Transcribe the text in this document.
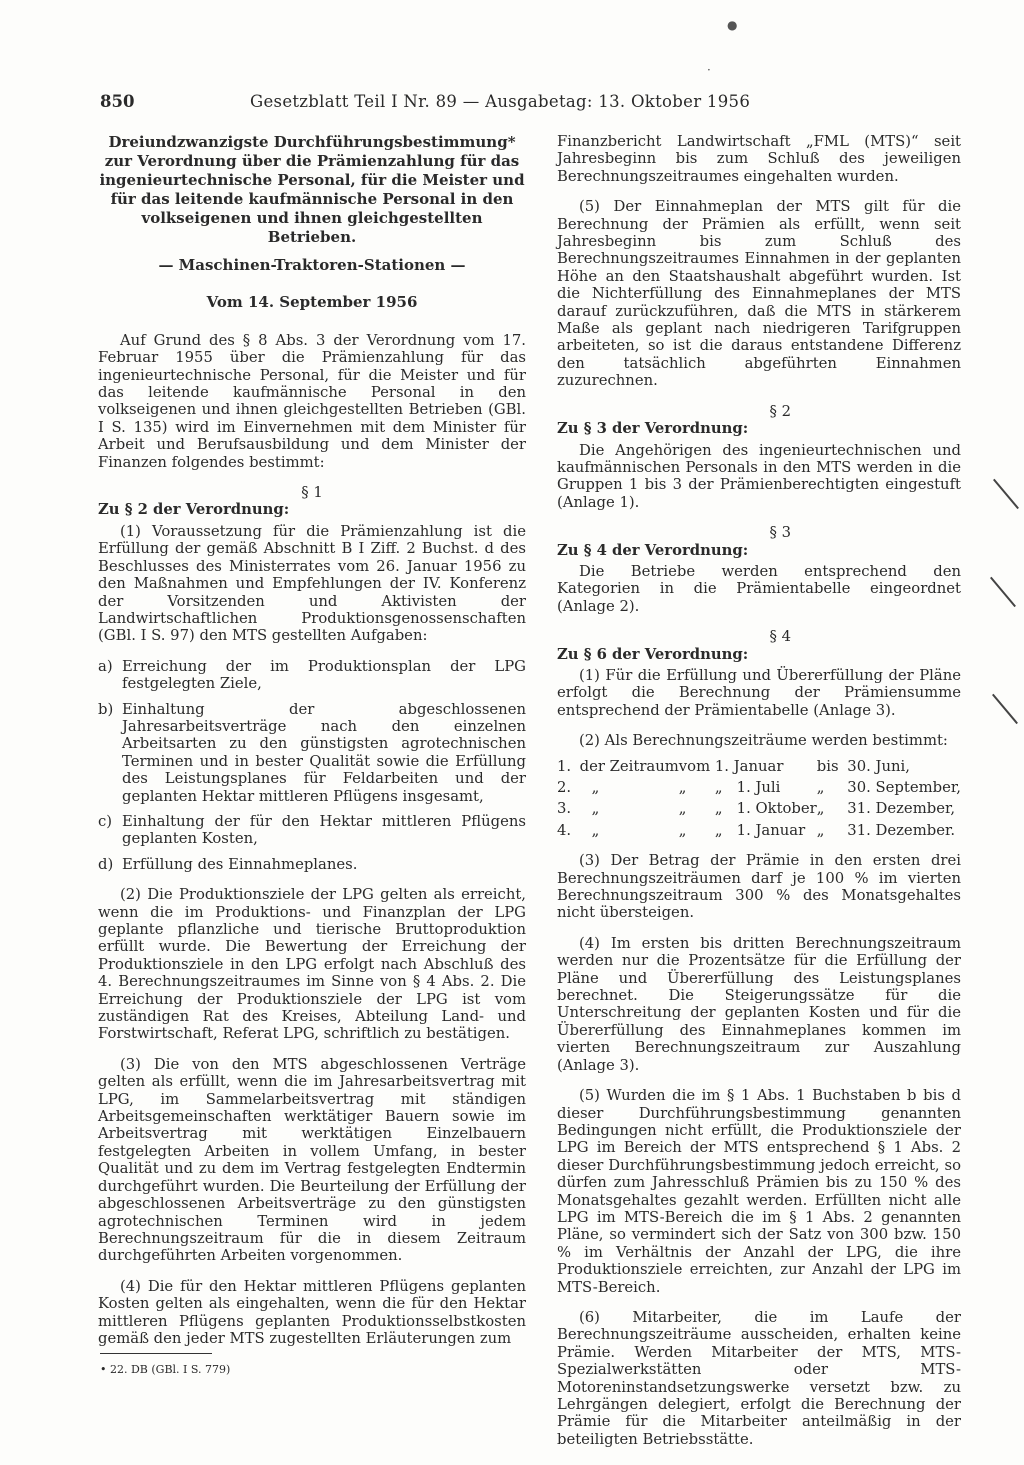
●
·
850	Gesetzblatt Teil I Nr. 89 — Ausgabetag: 13. Oktober 1956
Dreiundzwanzigste Durchführungsbestimmung* zur Verordnung über die Prämienzahlung für das ingenieurtechnische Personal, für die Meister und für das leitende kaufmännische Personal in den volkseigenen und ihnen gleichgestellten Betrieben.
— Maschinen-Traktoren-Stationen —
Vom 14. September 1956

Auf Grund des § 8 Abs. 3 der Verordnung vom 17. Februar 1955 über die Prämienzahlung für das ingenieurtechnische Personal, für die Meister und für das leitende kaufmännische Personal in den volkseigenen und ihnen gleichgestellten Betrieben (GBl. I S. 135) wird im Einvernehmen mit dem Minister für Arbeit und Berufsausbildung und dem Minister der Finanzen folgendes bestimmt:

§ 1
Zu § 2 der Verordnung:

(1) Voraussetzung für die Prämienzahlung ist die Erfüllung der gemäß Abschnitt B I Ziff. 2 Buchst. d des Beschlusses des Ministerrates vom 26. Januar 1956 zu den Maßnahmen und Empfehlungen der IV. Konferenz der Vorsitzenden und Aktivisten der Landwirtschaftlichen Produktionsgenossenschaften (GBl. I S. 97) den MTS gestellten Aufgaben:

a) Erreichung der im Produktionsplan der LPG festgelegten Ziele,
b) Einhaltung der abgeschlossenen Jahresarbeitsverträge nach den einzelnen Arbeitsarten zu den günstigsten agrotechnischen Terminen und in bester Qualität sowie die Erfüllung des Leistungsplanes für Feldarbeiten und der geplanten Hektar mittleren Pflügens insgesamt,
c) Einhaltung der für den Hektar mittleren Pflügens geplanten Kosten,
d) Erfüllung des Einnahmeplanes.

(2) Die Produktionsziele der LPG gelten als erreicht, wenn die im Produktions- und Finanzplan der LPG geplante pflanzliche und tierische Bruttoproduktion erfüllt wurde. Die Bewertung der Erreichung der Produktionsziele in den LPG erfolgt nach Abschluß des 4. Berechnungszeitraumes im Sinne von § 4 Abs. 2. Die Erreichung der Produktionsziele der LPG ist vom zuständigen Rat des Kreises, Abteilung Land- und Forstwirtschaft, Referat LPG, schriftlich zu bestätigen.

(3) Die von den MTS abgeschlossenen Verträge gelten als erfüllt, wenn die im Jahresarbeitsvertrag mit LPG, im Sammelarbeitsvertrag mit ständigen Arbeitsgemeinschaften werktätiger Bauern sowie im Arbeitsvertrag mit werktätigen Einzelbauern festgelegten Arbeiten in vollem Umfang, in bester Qualität und zu dem im Vertrag festgelegten Endtermin durchgeführt wurden. Die Beurteilung der Erfüllung der abgeschlossenen Arbeitsverträge zu den günstigsten agrotechnischen Terminen wird in jedem Berechnungszeitraum für die in diesem Zeitraum durchgeführten Arbeiten vorgenommen.

(4) Die für den Hektar mittleren Pflügens geplanten Kosten gelten als eingehalten, wenn die für den Hektar mittleren Pflügens geplanten Produktionsselbstkosten gemäß den jeder MTS zugestellten Erläuterungen zum

• 22. DB (GBl. I S. 779)

Finanzbericht Landwirtschaft „FML (MTS)“ seit Jahresbeginn bis zum Schluß des jeweiligen Berechnungszeitraumes eingehalten wurden.

(5) Der Einnahmeplan der MTS gilt für die Berechnung der Prämien als erfüllt, wenn seit Jahresbeginn bis zum Schluß des Berechnungszeitraumes Einnahmen in der geplanten Höhe an den Staatshaushalt abgeführt wurden. Ist die Nichterfüllung des Einnahmeplanes der MTS darauf zurückzuführen, daß die MTS in stärkerem Maße als geplant nach niedrigeren Tarifgruppen arbeiteten, so ist die daraus entstandene Differenz den tatsächlich abgeführten Einnahmen zuzurechnen.

§ 2
Zu § 3 der Verordnung:

Die Angehörigen des ingenieurtechnischen und kaufmännischen Personals in den MTS werden in die Gruppen 1 bis 3 der Prämienberechtigten eingestuft (Anlage 1).

§ 3
Zu § 4 der Verordnung:

Die Betriebe werden entsprechend den Kategorien in die Prämientabelle eingeordnet (Anlage 2).

§ 4
Zu § 6 der Verordnung:

(1) Für die Erfüllung und Übererfüllung der Pläne erfolgt die Berechnung der Prämiensumme entsprechend der Prämientabelle (Anlage 3).

(2) Als Berechnungszeiträume werden bestimmt:

1.	der Zeitraum	vom	1. Januar	bis	30. Juni,
2.	„	„	„   1. Juli	„	30. September,
3.	„	„	„   1. Oktober	„	31. Dezember,
4.	„	„	„   1. Januar	„	31. Dezember.

(3) Der Betrag der Prämie in den ersten drei Berechnungszeiträumen darf je 100 % im vierten Berechnungszeitraum 300 % des Monatsgehaltes nicht übersteigen.

(4) Im ersten bis dritten Berechnungszeitraum werden nur die Prozentsätze für die Erfüllung der Pläne und Übererfüllung des Leistungsplanes berechnet. Die Steigerungssätze für die Unterschreitung der geplanten Kosten und für die Übererfüllung des Einnahmeplanes kommen im vierten Berechnungszeitraum zur Auszahlung (Anlage 3).

(5) Wurden die im § 1 Abs. 1 Buchstaben b bis d dieser Durchführungsbestimmung genannten Bedingungen nicht erfüllt, die Produktionsziele der LPG im Bereich der MTS entsprechend § 1 Abs. 2 dieser Durchführungsbestimmung jedoch erreicht, so dürfen zum Jahresschluß Prämien bis zu 150 % des Monatsgehaltes gezahlt werden. Erfüllten nicht alle LPG im MTS-Bereich die im § 1 Abs. 2 genannten Pläne, so vermindert sich der Satz von 300 bzw. 150 % im Verhältnis der Anzahl der LPG, die ihre Produktionsziele erreichten, zur Anzahl der LPG im MTS-Bereich.

(6) Mitarbeiter, die im Laufe der Berechnungszeiträume ausscheiden, erhalten keine Prämie. Werden Mitarbeiter der MTS, MTS-Spezialwerkstätten oder MTS-Motoreninstandsetzungswerke versetzt bzw. zu Lehrgängen delegiert, erfolgt die Berechnung der Prämie für die Mitarbeiter anteilmäßig in der beteiligten Betriebsstätte.
